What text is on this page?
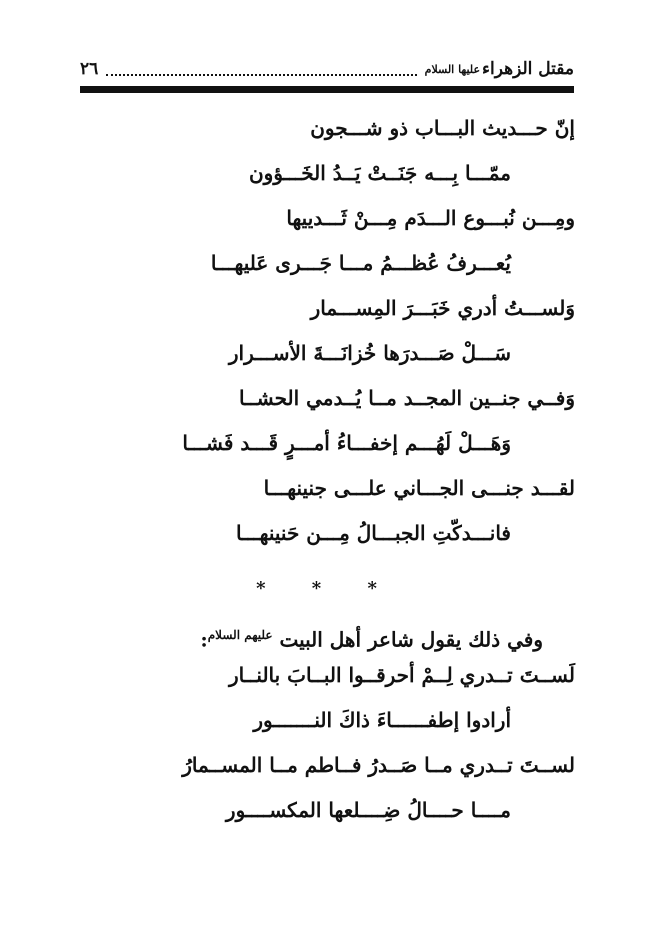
مقتل الزهراء
عليها السلام
٢٦
إنّ حـــديث البـــاب ذو شـــجون
ممّـــا بِـــه جَنَــتْ يَــدُ الخَـــؤون
ومِـــن نُبـــوع الـــدَم مِـــنْ ثَـــدييها
يُعـــرفُ عُظـــمُ مـــا جَـــرى عَليهـــا
وَلســـتُ أدري خَبَـــرَ المِســـمار
سَـــلْ صَـــدرَها خُزانَـــةَ الأســـرار
وَفــي جنــين المجــد مــا يُــدمي الحشــا
وَهَـــلْ لَهُـــم إخفـــاءُ أمـــرٍ قَـــد فَشـــا
لقـــد جنـــى الجـــاني علـــى جنينهـــا
فانـــدكّتِ الجبـــالُ مِـــن حَنينهـــا
* * *
وفي ذلك يقول شاعر أهل البيت $^{عليهم السلام}$:
لَســتَ تــدري لِــمْ أحرقــوا البــابَ بالنــار
أرادوا إطفــــــاءَ ذاكَ النـــــــور
لســتَ تــدري مــا صَــدرُ فــاطم مــا المســمارُ
مــــا حــــالُ ضِــــلعها المكســــور
